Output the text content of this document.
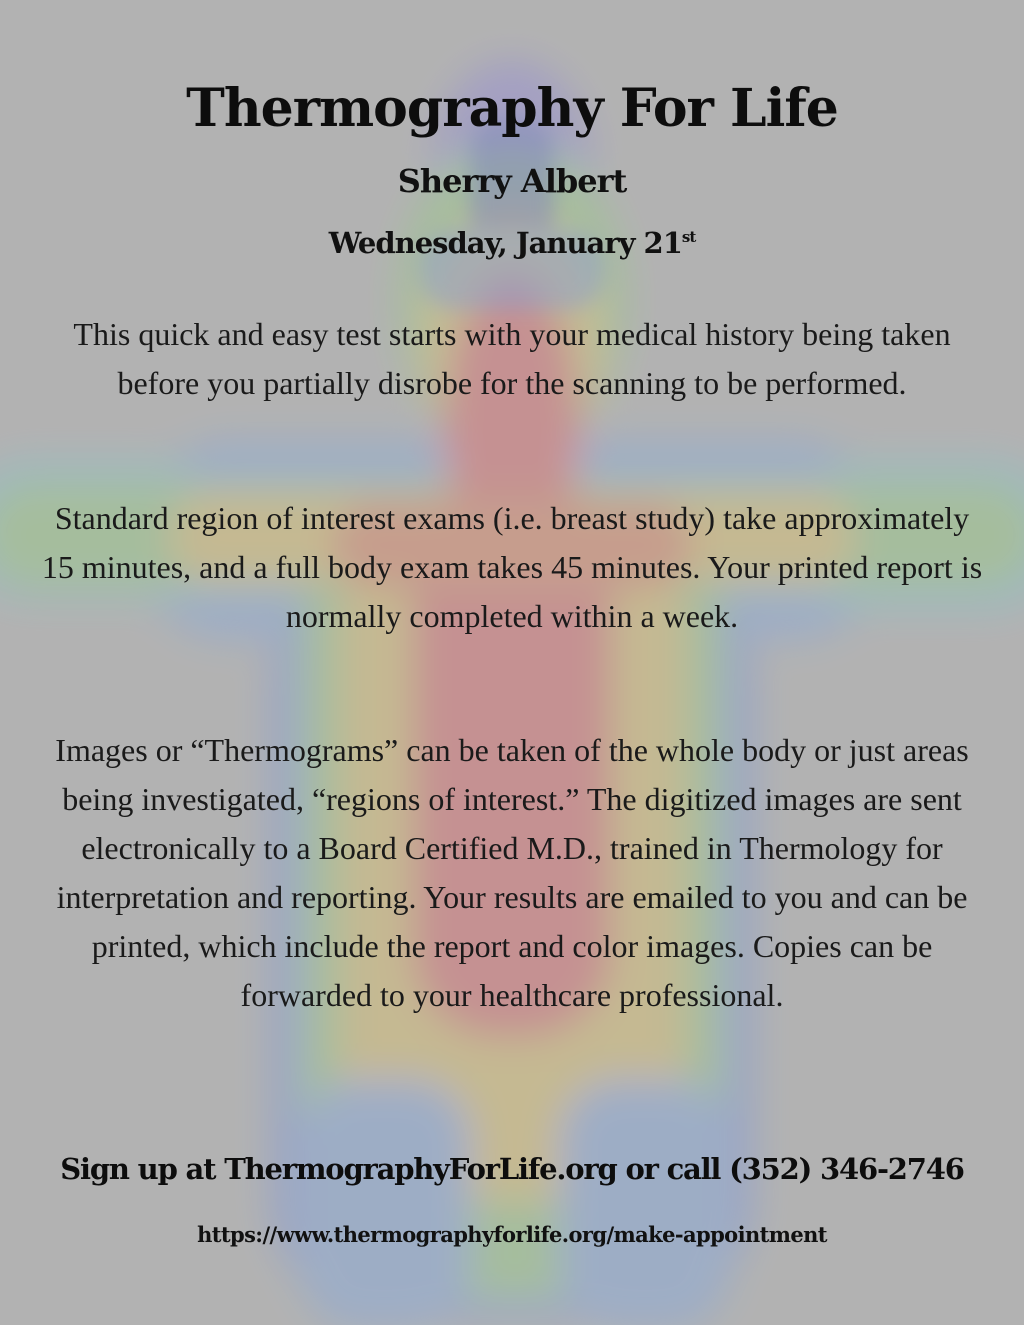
Thermography For Life
Sherry Albert
Wednesday, January 21st

This quick and easy test starts with your medical history being taken before you partially disrobe for the scanning to be performed.

Standard region of interest exams (i.e. breast study) take approximately 15 minutes, and a full body exam takes 45 minutes. Your printed report is normally completed within a week.

Images or “Thermograms” can be taken of the whole body or just areas being investigated, “regions of interest.” The digitized images are sent electronically to a Board Certified M.D., trained in Thermology for interpretation and reporting. Your results are emailed to you and can be printed, which include the report and color images. Copies can be forwarded to your healthcare professional.

Sign up at ThermographyForLife.org or call (352) 346-2746
https://www.thermographyforlife.org/make-appointment
